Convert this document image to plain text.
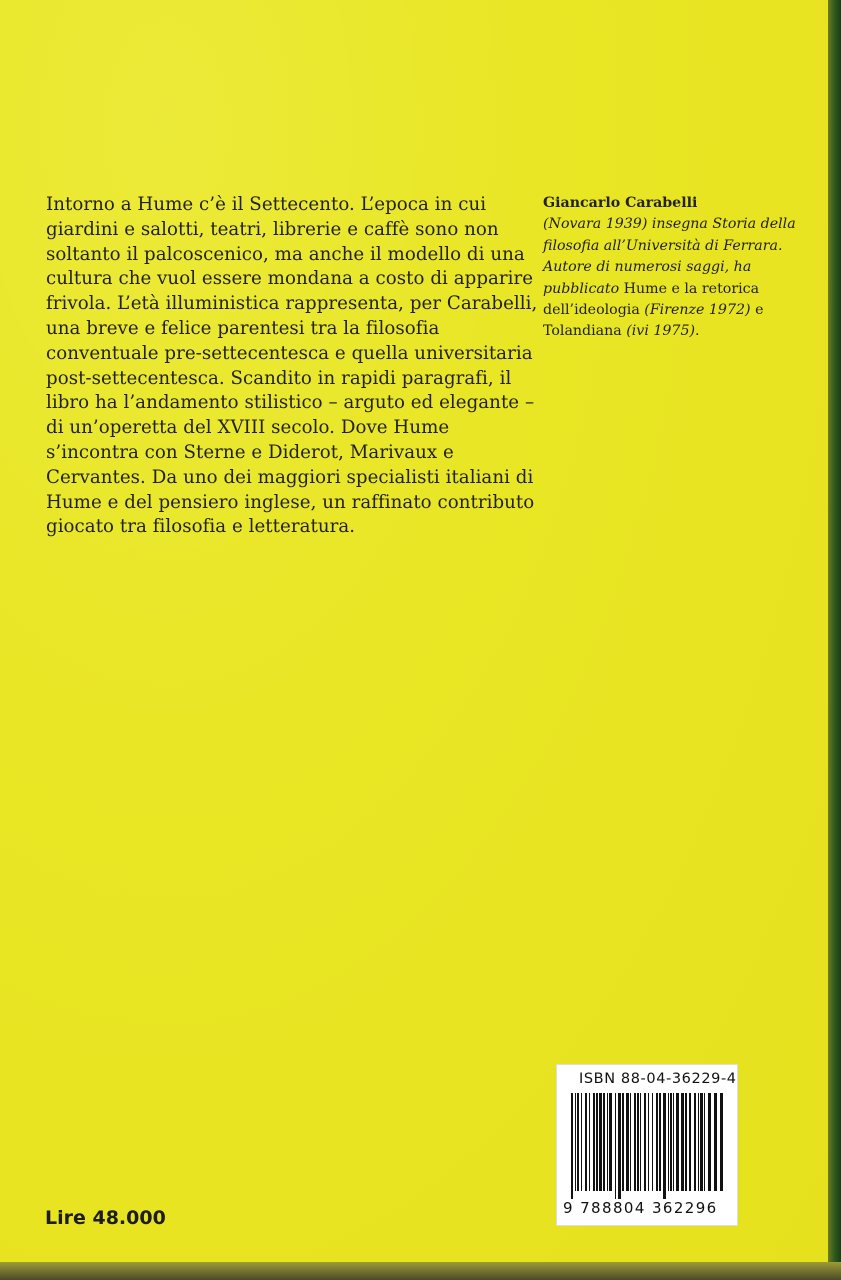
Intorno a Hume c’è il Settecento. L’epoca in cui
giardini e salotti, teatri, librerie e caffè sono non
soltanto il palcoscenico, ma anche il modello di una
cultura che vuol essere mondana a costo di apparire
frivola. L’età illuministica rappresenta, per Carabelli,
una breve e felice parentesi tra la filosofia
conventuale pre-settecentesca e quella universitaria
post-settecentesca. Scandito in rapidi paragrafi, il
libro ha l’andamento stilistico – arguto ed elegante –
di un’operetta del XVIII secolo. Dove Hume
s’incontra con Sterne e Diderot, Marivaux e
Cervantes. Da uno dei maggiori specialisti italiani di
Hume e del pensiero inglese, un raffinato contributo
giocato tra filosofia e letteratura.
Giancarlo Carabelli
(Novara 1939) insegna Storia della
filosofia all’Università di Ferrara.
Autore di numerosi saggi, ha
pubblicato Hume e la retorica
dell’ideologia (Firenze 1972) e
Tolandiana (ivi 1975).
Lire 48.000
ISBN 88-04-36229-4
9 788804 362296
